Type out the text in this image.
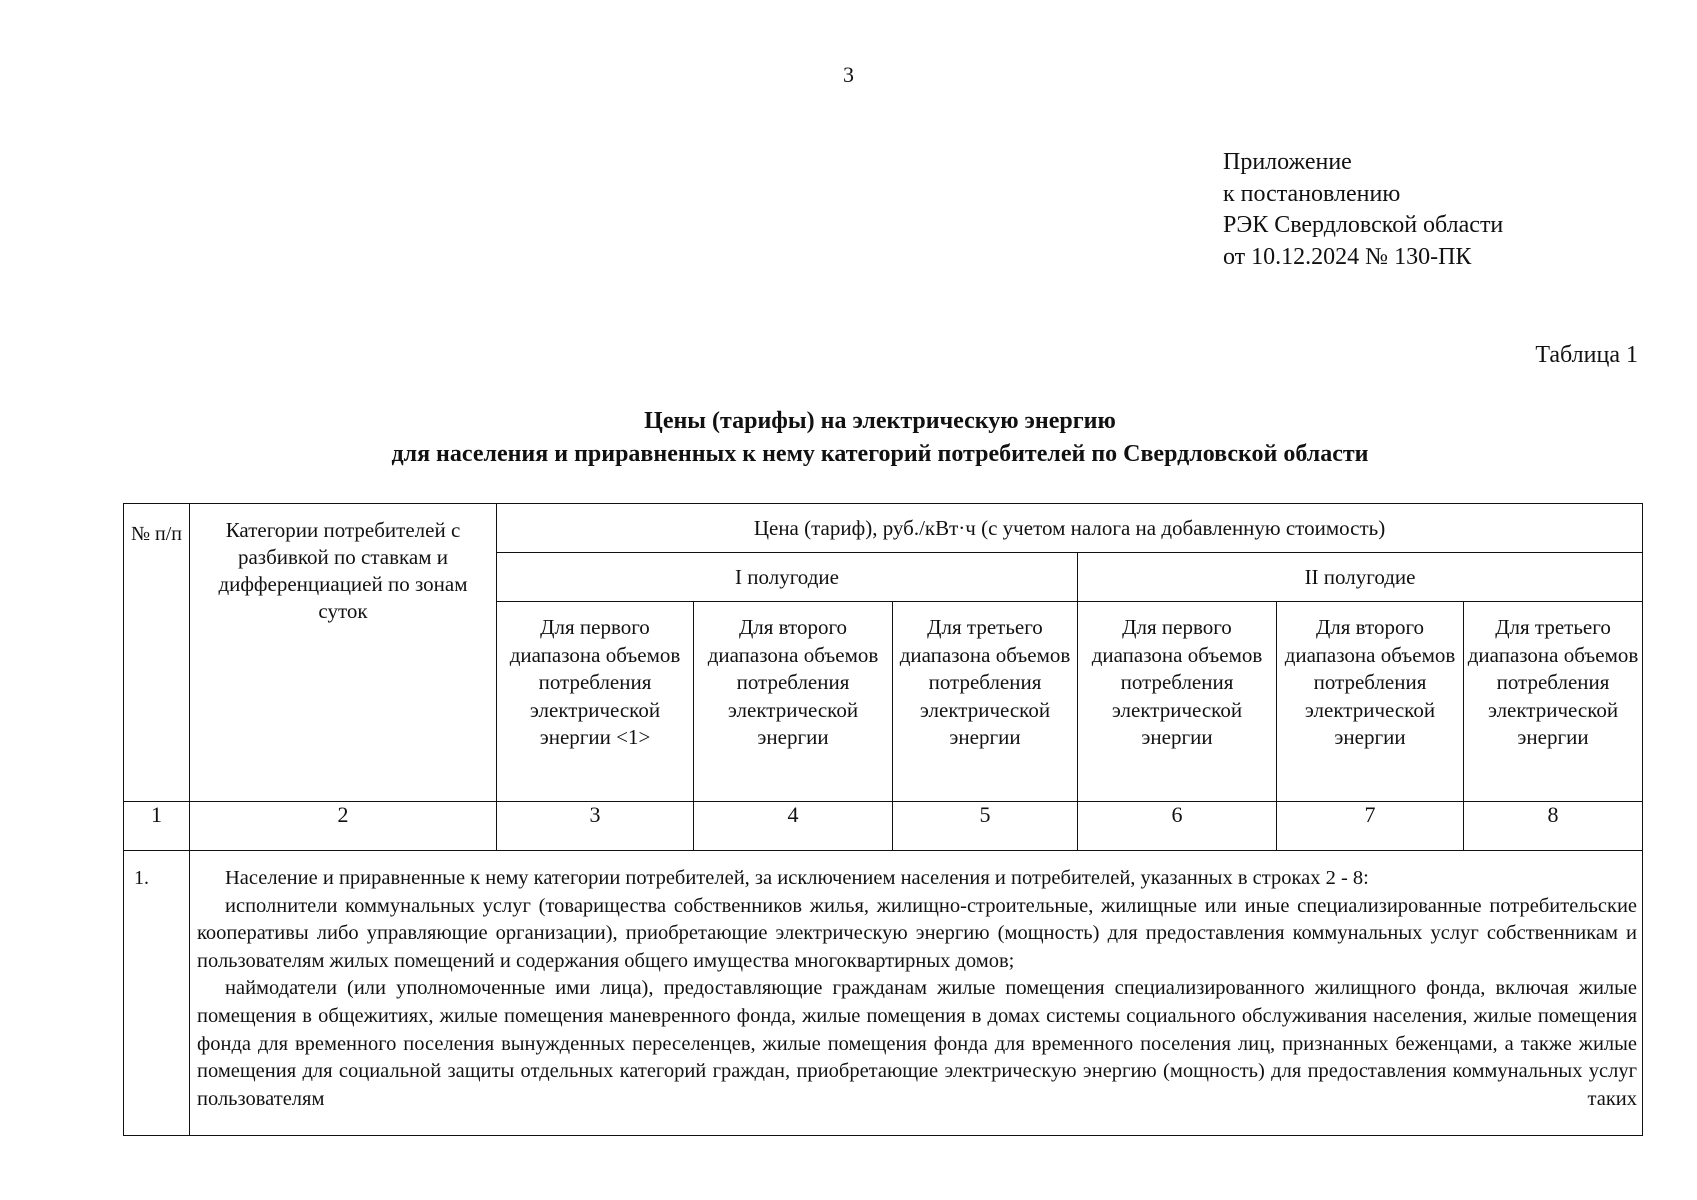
3
Приложение
к постановлению
РЭК Свердловской области
от 10.12.2024 № 130-ПК
Таблица 1
Цены (тарифы) на электрическую энергию
для населения и приравненных к нему категорий потребителей по Свердловской области
№ п/п	Категории потребителей с разбивкой по ставкам и дифференциацией по зонам суток	Цена (тариф), руб./кВт·ч (с учетом налога на добавленную стоимость)					
		I полугодие			II полугодие		
		Для первого диапазона объемов потребления электрической энергии <1>	Для второго диапазона объемов потребления электрической энергии	Для третьего диапазона объемов потребления электрической энергии	Для первого диапазона объемов потребления электрической энергии	Для второго диапазона объемов потребления электрической энергии	Для третьего диапазона объемов потребления электрической энергии
1	2	3	4	5	6	7	8
1.	Население и приравненные к нему категории потребителей, за исключением населения и потребителей, указанных в строках 2 - 8:

исполнители коммунальных услуг (товарищества собственников жилья, жилищно-строительные, жилищные или иные специализированные потребительские кооперативы либо управляющие организации), приобретающие электрическую энергию (мощность) для предоставления коммунальных услуг собственникам и пользователям жилых помещений и содержания общего имущества многоквартирных домов;

наймодатели (или уполномоченные ими лица), предоставляющие гражданам жилые помещения специализированного жилищного фонда, включая жилые помещения в общежитиях, жилые помещения маневренного фонда, жилые помещения в домах системы социального обслуживания населения, жилые помещения фонда для временного поселения вынужденных переселенцев, жилые помещения фонда для временного поселения лиц, признанных беженцами, а также жилые помещения для социальной защиты отдельных категорий граждан, приобретающие электрическую энергию (мощность) для предоставления коммунальных услуг пользователям таких						
